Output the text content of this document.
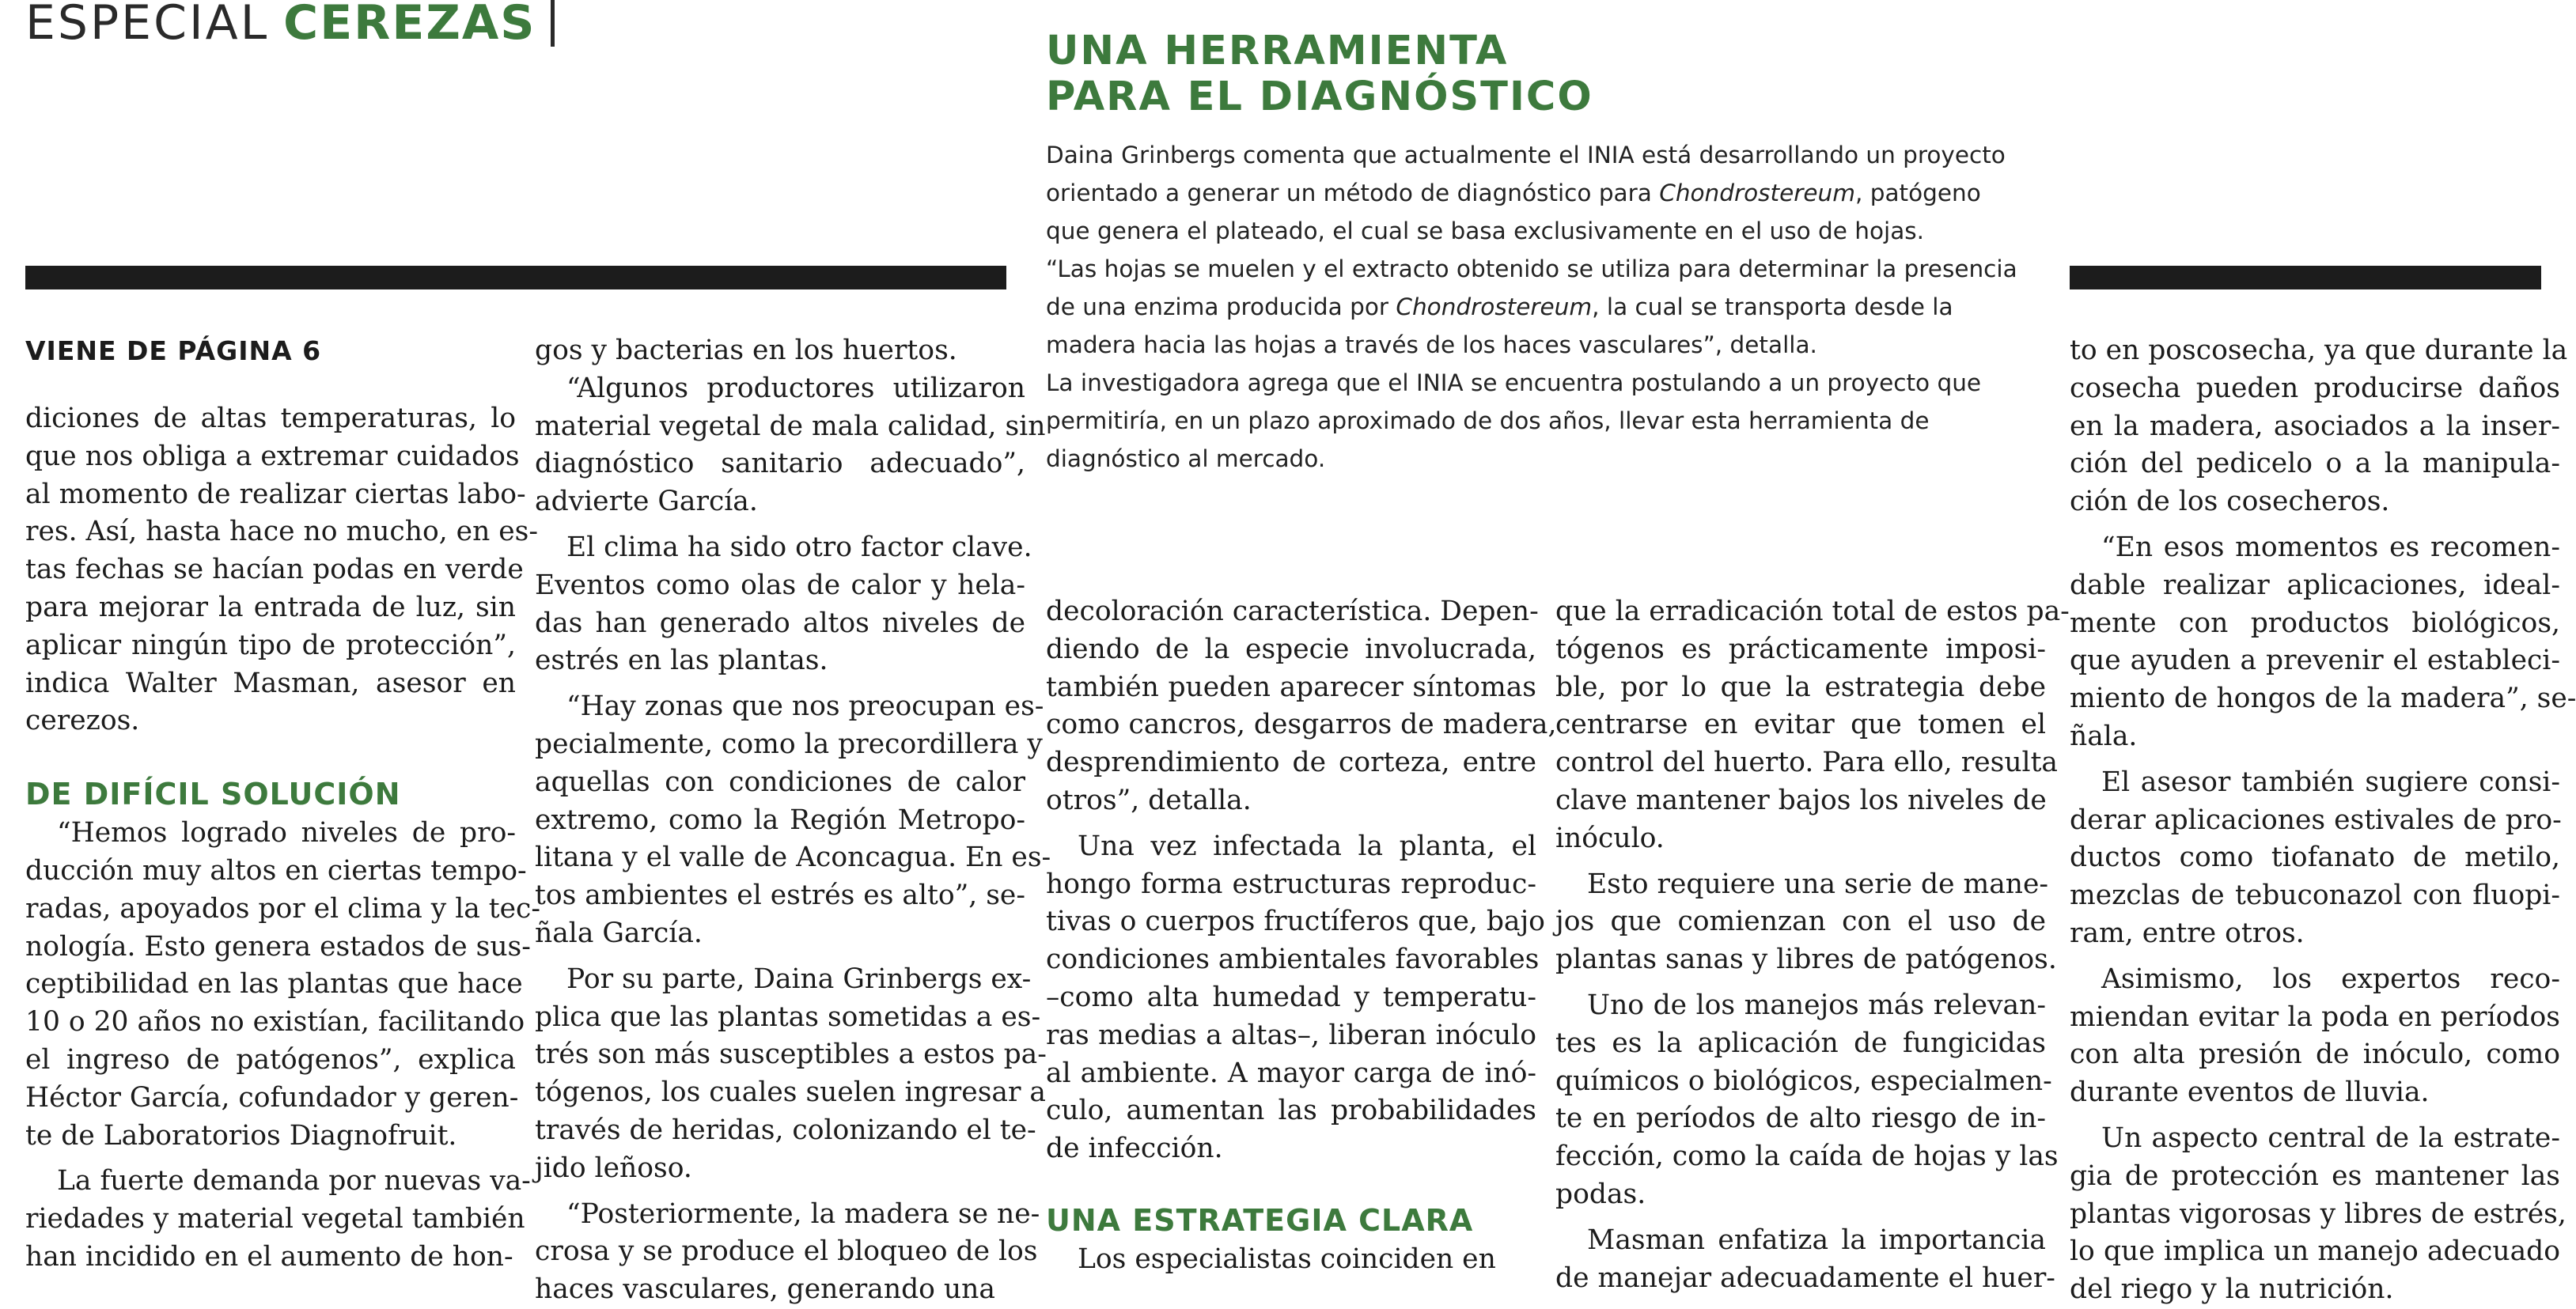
ESPECIAL CEREZAS
UNA HERRAMIENTA
PARA EL DIAGNÓSTICO

Daina Grinbergs comenta que actualmente el INIA está desarrollando un proyecto orientado a generar un método de diagnóstico para Chondrostereum, patógeno que genera el plateado, el cual se basa exclusivamente en el uso de hojas.

“Las hojas se muelen y el extracto obtenido se utiliza para determinar la presencia de una enzima producida por Chondrostereum, la cual se transporta desde la madera hacia las hojas a través de los haces vasculares”, detalla.

La investigadora agrega que el INIA se encuentra postulando a un proyecto que permitiría, en un plazo aproximado de dos años, llevar esta herramienta de diagnóstico al mercado.

VIENE DE PÁGINA 6
diciones de altas temperaturas, lo
que nos obliga a extremar cuidados
al momento de realizar ciertas labo-
res. Así, hasta hace no mucho, en es-
tas fechas se hacían podas en verde
para mejorar la entrada de luz, sin
aplicar ningún tipo de protección”,
indica Walter Masman, asesor en
cerezos.
DE DIFÍCIL SOLUCIÓN
“Hemos logrado niveles de pro-
ducción muy altos en ciertas tempo-
radas, apoyados por el clima y la tec-
nología. Esto genera estados de sus-
ceptibilidad en las plantas que hace
10 o 20 años no existían, facilitando
el ingreso de patógenos”, explica
Héctor García, cofundador y geren-
te de Laboratorios Diagnofruit.
La fuerte demanda por nuevas va-
riedades y material vegetal también
han incidido en el aumento de hon-
gos y bacterias en los huertos.
“Algunos productores utilizaron
material vegetal de mala calidad, sin
diagnóstico sanitario adecuado”,
advierte García.
El clima ha sido otro factor clave.
Eventos como olas de calor y hela-
das han generado altos niveles de
estrés en las plantas.
“Hay zonas que nos preocupan es-
pecialmente, como la precordillera y
aquellas con condiciones de calor
extremo, como la Región Metropo-
litana y el valle de Aconcagua. En es-
tos ambientes el estrés es alto”, se-
ñala García.
Por su parte, Daina Grinbergs ex-
plica que las plantas sometidas a es-
trés son más susceptibles a estos pa-
tógenos, los cuales suelen ingresar a
través de heridas, colonizando el te-
jido leñoso.
“Posteriormente, la madera se ne-
crosa y se produce el bloqueo de los
haces vasculares, generando una
decoloración característica. Depen-
diendo de la especie involucrada,
también pueden aparecer síntomas
como cancros, desgarros de madera,
desprendimiento de corteza, entre
otros”, detalla.
Una vez infectada la planta, el
hongo forma estructuras reproduc-
tivas o cuerpos fructíferos que, bajo
condiciones ambientales favorables
–como alta humedad y temperatu-
ras medias a altas–, liberan inóculo
al ambiente. A mayor carga de inó-
culo, aumentan las probabilidades
de infección.
UNA ESTRATEGIA CLARA
Los especialistas coinciden en
que la erradicación total de estos pa-
tógenos es prácticamente imposi-
ble, por lo que la estrategia debe
centrarse en evitar que tomen el
control del huerto. Para ello, resulta
clave mantener bajos los niveles de
inóculo.
Esto requiere una serie de mane-
jos que comienzan con el uso de
plantas sanas y libres de patógenos.
Uno de los manejos más relevan-
tes es la aplicación de fungicidas
químicos o biológicos, especialmen-
te en períodos de alto riesgo de in-
fección, como la caída de hojas y las
podas.
Masman enfatiza la importancia
de manejar adecuadamente el huer-
to en poscosecha, ya que durante la
cosecha pueden producirse daños
en la madera, asociados a la inser-
ción del pedicelo o a la manipula-
ción de los cosecheros.
“En esos momentos es recomen-
dable realizar aplicaciones, ideal-
mente con productos biológicos,
que ayuden a prevenir el estableci-
miento de hongos de la madera”, se-
ñala.
El asesor también sugiere consi-
derar aplicaciones estivales de pro-
ductos como tiofanato de metilo,
mezclas de tebuconazol con fluopi-
ram, entre otros.
Asimismo, los expertos reco-
miendan evitar la poda en períodos
con alta presión de inóculo, como
durante eventos de lluvia.
Un aspecto central de la estrate-
gia de protección es mantener las
plantas vigorosas y libres de estrés,
lo que implica un manejo adecuado
del riego y la nutrición.
